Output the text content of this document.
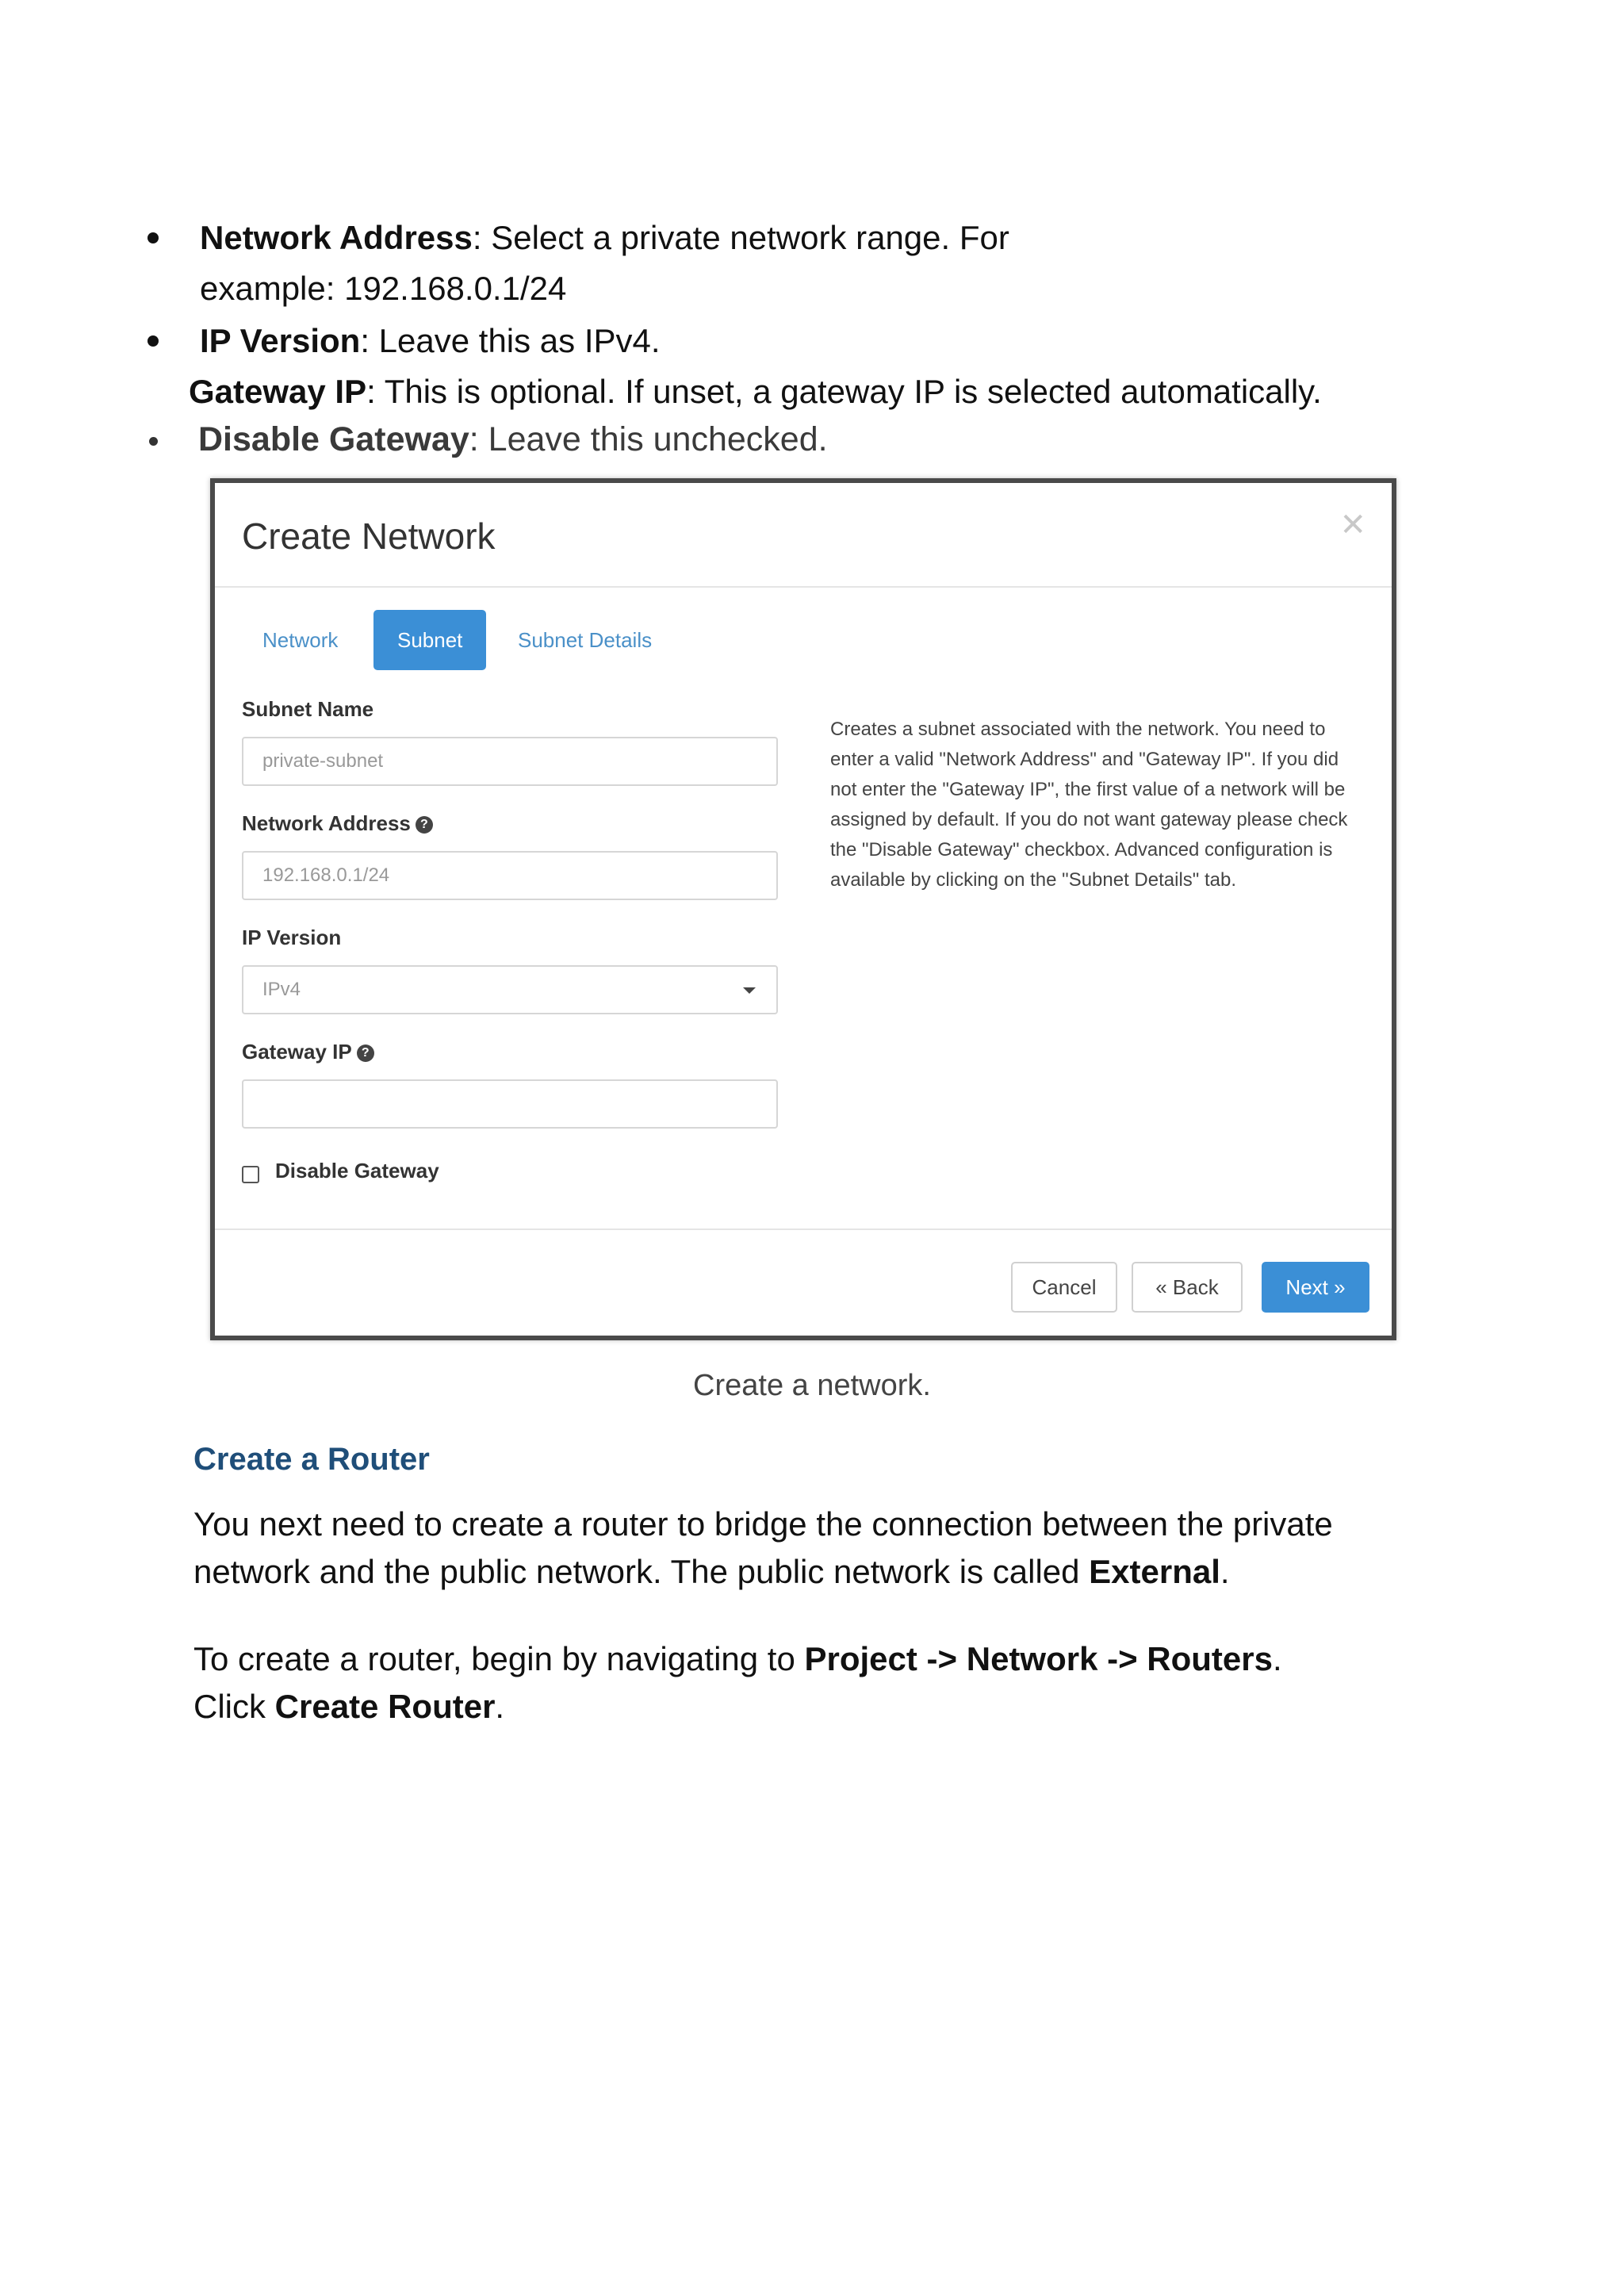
Network Address: Select a private network range. For
example: 192.168.0.1/24
IP Version: Leave this as IPv4.
Gateway IP: This is optional. If unset, a gateway IP is selected automatically.
Disable Gateway: Leave this unchecked.
Create Network	✕
Network	Subnet	Subnet Details
Subnet Name
private-subnet
Network Address ?
192.168.0.1/24
IP Version
IPv4
Gateway IP ?
Disable Gateway
Creates a subnet associated with the network. You need to enter a valid "Network Address" and "Gateway IP". If you did not enter the "Gateway IP", the first value of a network will be assigned by default. If you do not want gateway please check the "Disable Gateway" checkbox. Advanced configuration is available by clicking on the "Subnet Details" tab.
Cancel	« Back	Next »
Create a network.
Create a Router
You next need to create a router to bridge the connection between the private
network and the public network. The public network is called External.
To create a router, begin by navigating to Project -> Network -> Routers.
Click Create Router.
